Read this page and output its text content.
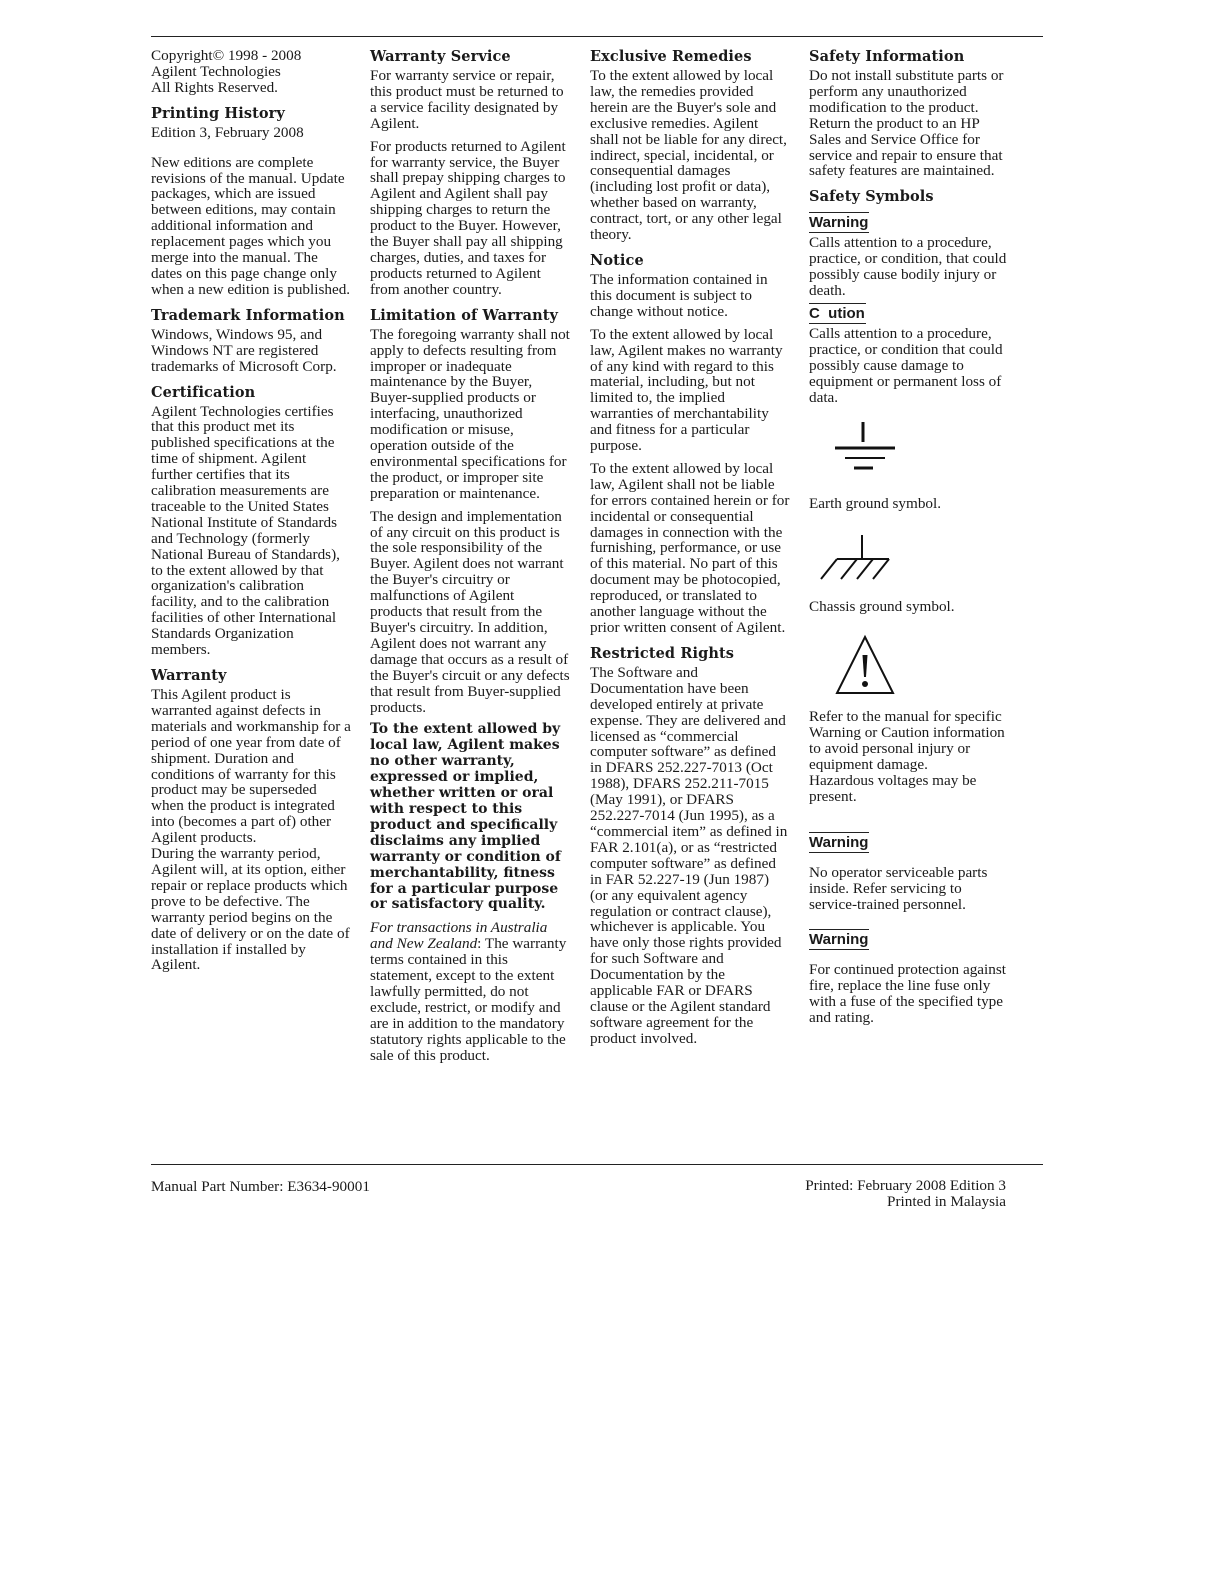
Copyright© 1998 - 2008
Agilent Technologies
All Rights Reserved.

Printing History

Edition 3, February 2008

New editions are complete revisions of the manual. Update packages, which are issued between editions, may contain additional information and replacement pages which you merge into the manual. The dates on this page change only when a new edition is published.

Trademark Information

Windows, Windows 95, and Windows NT are registered trademarks of Microsoft Corp.

Certification

Agilent Technologies certifies that this product met its published specifications at the time of shipment. Agilent further certifies that its calibration measurements are traceable to the United States National Institute of Standards and Technology (formerly National Bureau of Standards), to the extent allowed by that organization's calibration facility, and to the calibration facilities of other International Standards Organization members.

Warranty

This Agilent product is warranted against defects in materials and workmanship for a period of one year from date of shipment. Duration and conditions of warranty for this product may be superseded when the product is integrated into (becomes a part of) other Agilent products.

During the warranty period, Agilent will, at its option, either repair or replace products which prove to be defective. The warranty period begins on the date of delivery or on the date of installation if installed by Agilent.

Warranty Service

For warranty service or repair, this product must be returned to a service facility designated by Agilent.

For products returned to Agilent for warranty service, the Buyer shall prepay shipping charges to Agilent and Agilent shall pay shipping charges to return the product to the Buyer. However, the Buyer shall pay all shipping charges, duties, and taxes for products returned to Agilent from another country.

Limitation of Warranty

The foregoing warranty shall not apply to defects resulting from improper or inadequate maintenance by the Buyer, Buyer-supplied products or interfacing, unauthorized modification or misuse, operation outside of the environmental specifications for the product, or improper site preparation or maintenance.

The design and implementation of any circuit on this product is the sole responsibility of the Buyer. Agilent does not warrant the Buyer's circuitry or malfunctions of Agilent products that result from the Buyer's circuitry. In addition, Agilent does not warrant any damage that occurs as a result of the Buyer's circuit or any defects that result from Buyer-supplied products.

To the extent allowed by local law, Agilent makes no other warranty, expressed or implied, whether written or oral with respect to this product and specifically disclaims any implied warranty or condition of merchantability, fitness for a particular purpose or satisfactory quality.

For transactions in Australia and New Zealand: The warranty terms contained in this statement, except to the extent lawfully permitted, do not exclude, restrict, or modify and are in addition to the mandatory statutory rights applicable to the sale of this product.

Exclusive Remedies

To the extent allowed by local law, the remedies provided herein are the Buyer's sole and exclusive remedies. Agilent shall not be liable for any direct, indirect, special, incidental, or consequential damages (including lost profit or data), whether based on warranty, contract, tort, or any other legal theory.

Notice

The information contained in this document is subject to change without notice.

To the extent allowed by local law, Agilent makes no warranty of any kind with regard to this material, including, but not limited to, the implied warranties of merchantability and fitness for a particular purpose.

To the extent allowed by local law, Agilent shall not be liable for errors contained herein or for incidental or consequential damages in connection with the furnishing, performance, or use of this material. No part of this document may be photocopied, reproduced, or translated to another language without the prior written consent of Agilent.

Restricted Rights

The Software and Documentation have been developed entirely at private expense. They are delivered and licensed as “commercial computer software” as defined in DFARS 252.227-7013 (Oct 1988), DFARS 252.211-7015 (May 1991), or DFARS 252.227-7014 (Jun 1995), as a “commercial item” as defined in FAR 2.101(a), or as “restricted computer software” as defined in FAR 52.227-19 (Jun 1987) (or any equivalent agency regulation or contract clause), whichever is applicable. You have only those rights provided for such Software and Documentation by the applicable FAR or DFARS clause or the Agilent standard software agreement for the product involved.

Safety Information

Do not install substitute parts or perform any unauthorized modification to the product. Return the product to an HP Sales and Service Office for service and repair to ensure that safety features are maintained.

Safety Symbols
Warning

Calls attention to a procedure, practice, or condition, that could possibly cause bodily injury or death.

C  ution

Calls attention to a procedure, practice, or condition that could possibly cause damage to equipment or permanent loss of data.

Earth ground symbol.

Chassis ground symbol.

Refer to the manual for specific Warning or Caution information to avoid personal injury or equipment damage.

Hazardous voltages may be present.

Warning

No operator serviceable parts inside. Refer servicing to service-trained personnel.

Warning

For continued protection against fire, replace the line fuse only with a fuse of the specified type and rating.

Manual Part Number: E3634-90001	Printed: February 2008 Edition 3
Printed in Malaysia
